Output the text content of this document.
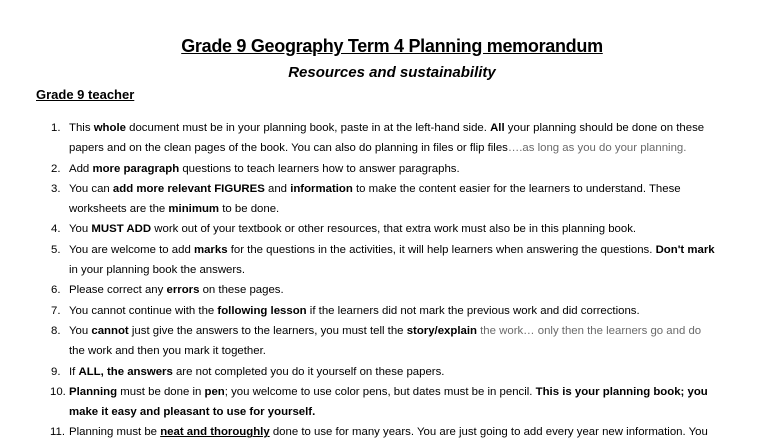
Grade 9 Geography Term 4 Planning memorandum
Resources and sustainability
Grade 9 teacher
1. This whole document must be in your planning book, paste in at the left-hand side. All your planning should be done on these
papers and on the clean pages of the book. You can also do planning in files or flip files….as long as you do your planning.
2. Add more paragraph questions to teach learners how to answer paragraphs.
3. You can add more relevant FIGURES and information to make the content easier for the learners to understand. These
worksheets are the minimum to be done.
4. You MUST ADD work out of your textbook or other resources, that extra work must also be in this planning book.
5. You are welcome to add marks for the questions in the activities, it will help learners when answering the questions. Don't mark
in your planning book the answers.
6. Please correct any errors on these pages.
7. You cannot continue with the following lesson if the learners did not mark the previous work and did corrections.
8. You cannot just give the answers to the learners, you must tell the story/explain the work… only then the learners go and do
the work and then you mark it together.
9. If ALL, the answers are not completed you do it yourself on these papers.
10. Planning must be done in pen; you welcome to use color pens, but dates must be in pencil. This is your planning book; you
make it easy and pleasant to use for yourself.
11. Planning must be neat and thoroughly done to use for many years. You are just going to add every year new information. You
